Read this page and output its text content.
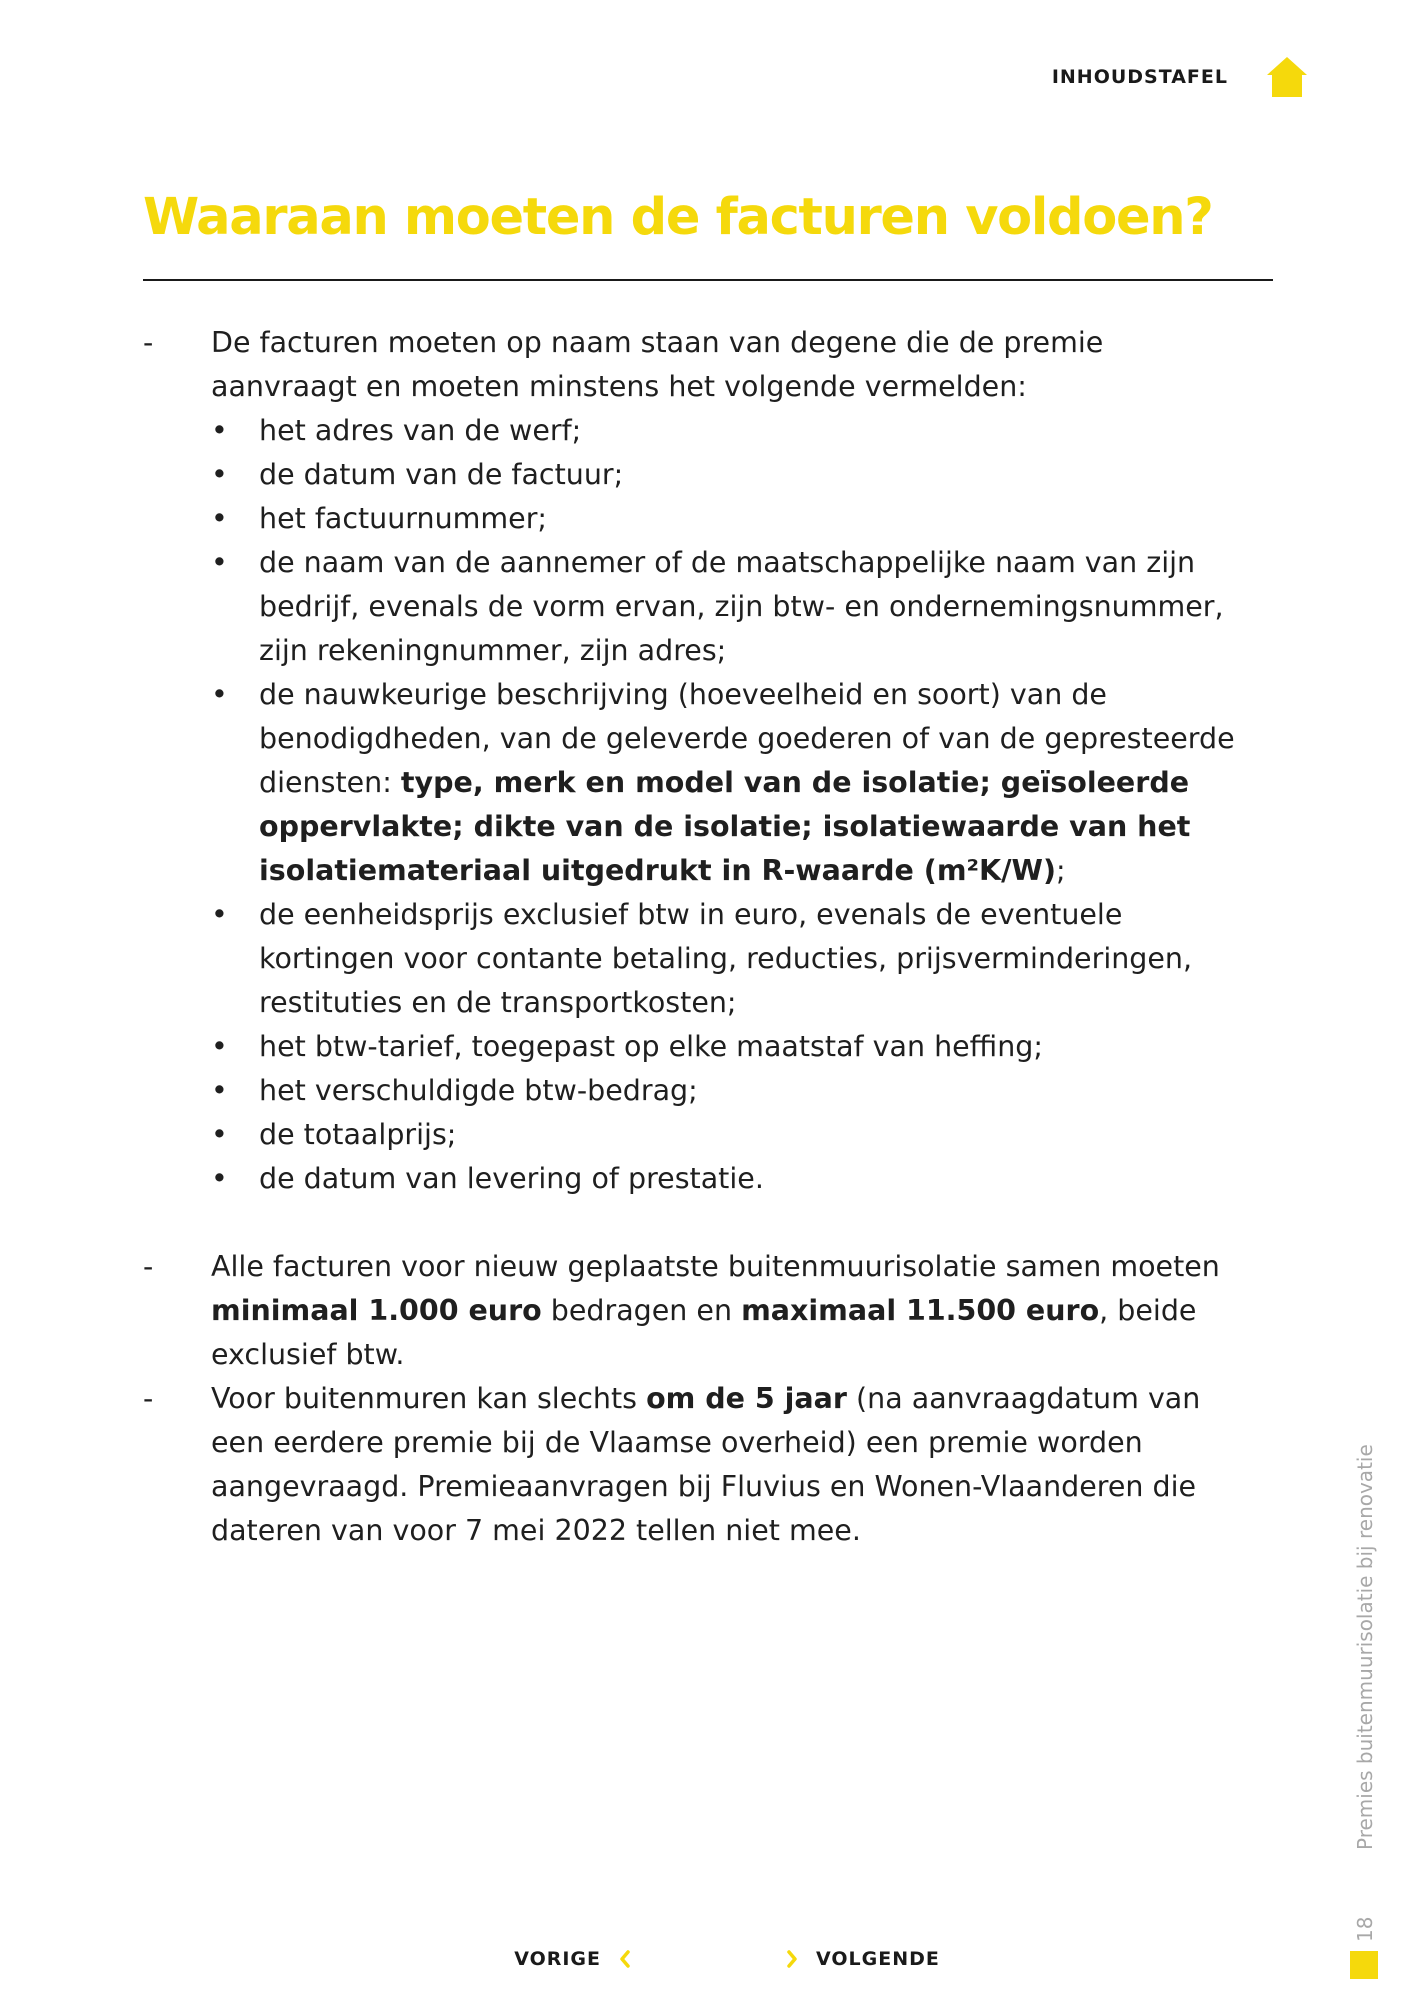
INHOUDSTAFEL
Waaraan moeten de facturen voldoen?
- De facturen moeten op naam staan van degene die de premie aanvraagt en moeten minstens het volgende vermelden:
• het adres van de werf;
• de datum van de factuur;
• het factuurnummer;
• de naam van de aannemer of de maatschappelijke naam van zijn bedrijf, evenals de vorm ervan, zijn btw- en ondernemingsnummer, zijn rekeningnummer, zijn adres;
• de nauwkeurige beschrijving (hoeveelheid en soort) van de benodigdheden, van de geleverde goederen of van de gepresteerde diensten: type, merk en model van de isolatie; geïsoleerde oppervlakte; dikte van de isolatie; isolatiewaarde van het isolatiemateriaal uitgedrukt in R-waarde (m²K/W);
• de eenheidsprijs exclusief btw in euro, evenals de eventuele kortingen voor contante betaling, reducties, prijsverminderingen, restituties en de transportkosten;
• het btw-tarief, toegepast op elke maatstaf van heffing;
• het verschuldigde btw-bedrag;
• de totaalprijs;
• de datum van levering of prestatie.
- Alle facturen voor nieuw geplaatste buitenmuurisolatie samen moeten minimaal 1.000 euro bedragen en maximaal 11.500 euro, beide exclusief btw.
- Voor buitenmuren kan slechts om de 5 jaar (na aanvraagdatum van een eerdere premie bij de Vlaamse overheid) een premie worden aangevraagd. Premieaanvragen bij Fluvius en Wonen-Vlaanderen die dateren van voor 7 mei 2022 tellen niet mee.	Premies buitenmuurisolatie bij renovatie
18
VORIGE	VOLGENDE
